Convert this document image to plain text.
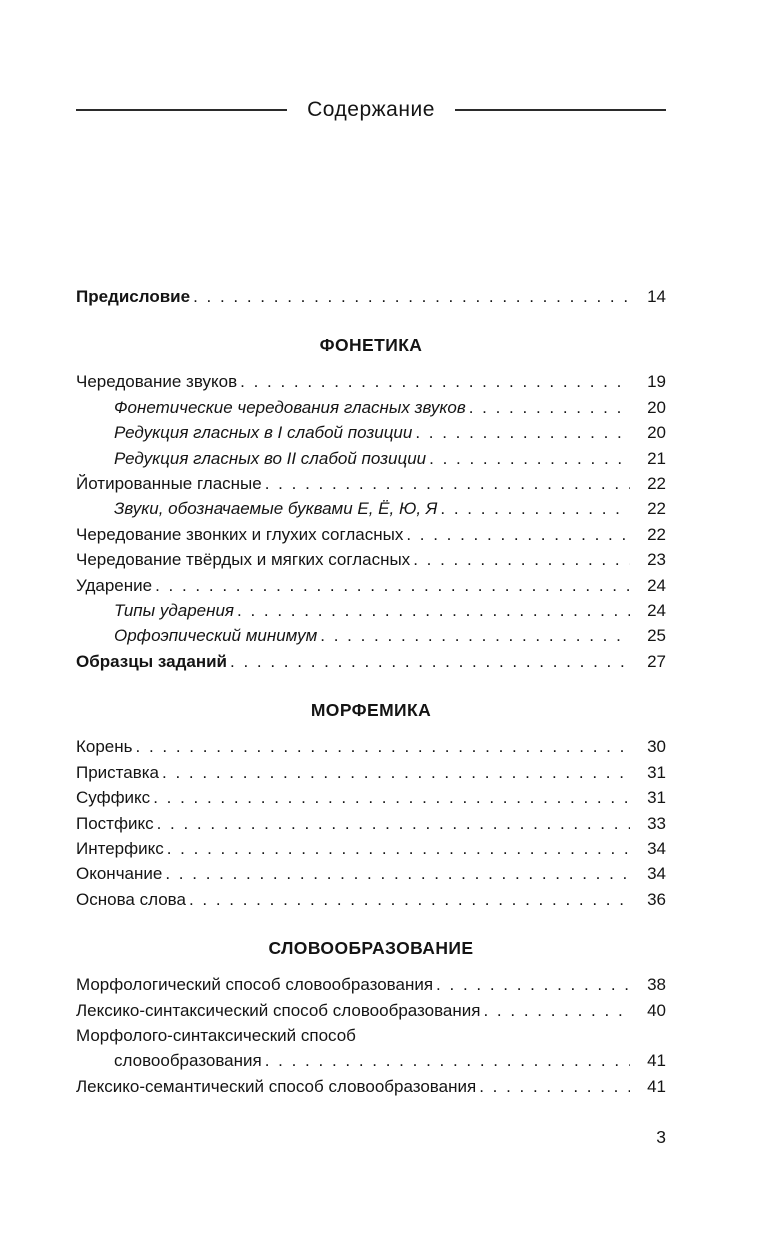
Содержание
Предисловие . . .	14
ФОНЕТИКА
Чередование звуков . . .	19
Фонетические чередования гласных звуков . . .	20
Редукция гласных в I слабой позиции . . .	20
Редукция гласных во II слабой позиции . . .	21
Йотированные гласные . . .	22
Звуки, обозначаемые буквами Е, Ё, Ю, Я . . .	22
Чередование звонких и глухих согласных . . .	22
Чередование твёрдых и мягких согласных . . .	23
Ударение . . .	24
Типы ударения . . .	24
Орфоэпический минимум . . .	25
Образцы заданий . . .	27
МОРФЕМИКА
Корень . . .	30
Приставка . . .	31
Суффикс . . .	31
Постфикс . . .	33
Интерфикс . . .	34
Окончание . . .	34
Основа слова . . .	36
СЛОВООБРАЗОВАНИЕ
Морфологический способ словообразования . . .	38
Лексико-синтаксический способ словообразования . . .	40
Морфолого-синтаксический способ
словообразования . . .	41
Лексико-семантический способ словообразования . . .	41
3
